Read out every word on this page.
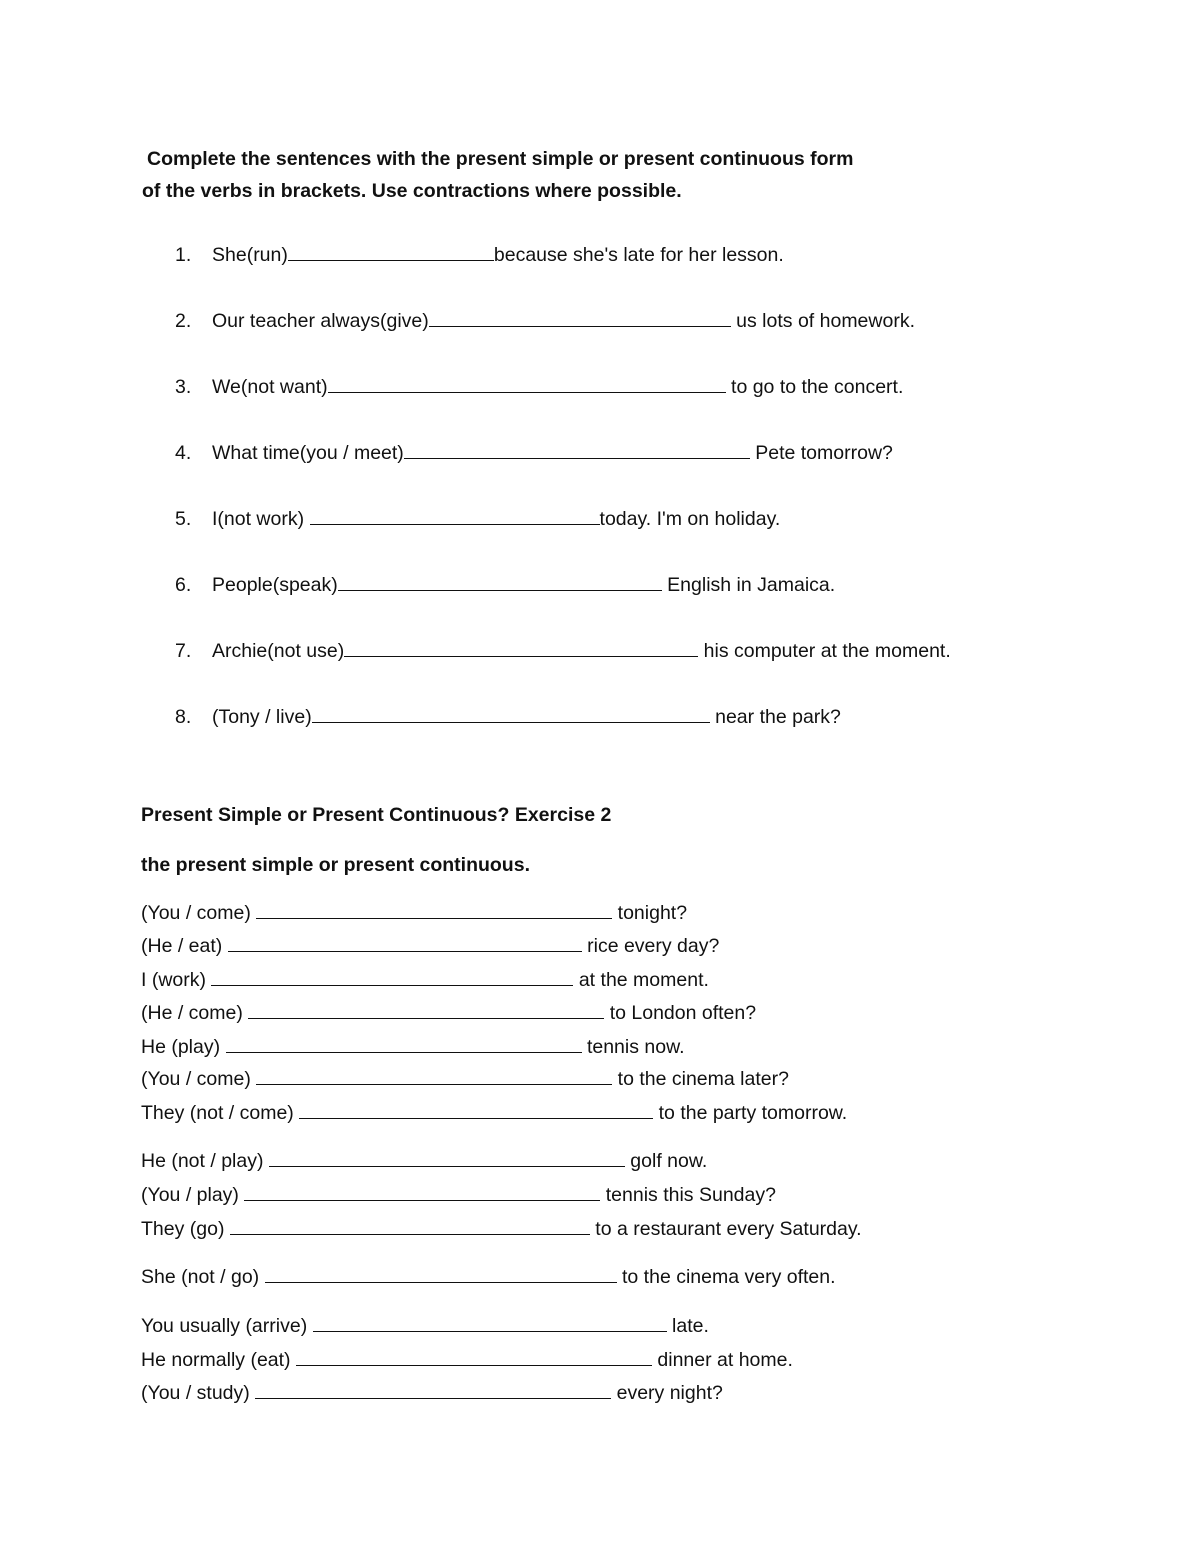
Complete the sentences with the present simple or present continuous form
of the verbs in brackets. Use contractions where possible.
1. She(run)	because she's late for her lesson.
2. Our teacher always(give)	us lots of homework.
3. We(not want)	to go to the concert.
4. What time(you / meet)	Pete tomorrow?
5. I(not work)	today. I'm on holiday.
6. People(speak)	English in Jamaica.
7. Archie(not use)	his computer at the moment.
8. (Tony / live)	near the park?
Present Simple or Present Continuous? Exercise 2
the present simple or present continuous.
(You / come)	tonight?
(He / eat)	rice every day?
I (work)	at the moment.
(He / come)	to London often?
He (play)	tennis now.
(You / come)	to the cinema later?
They (not / come)	to the party tomorrow.
He (not / play)	golf now.
(You / play)	tennis this Sunday?
They (go)	to a restaurant every Saturday.
She (not / go)	to the cinema very often.
You usually (arrive)	late.
He normally (eat)	dinner at home.
(You / study)	every night?
